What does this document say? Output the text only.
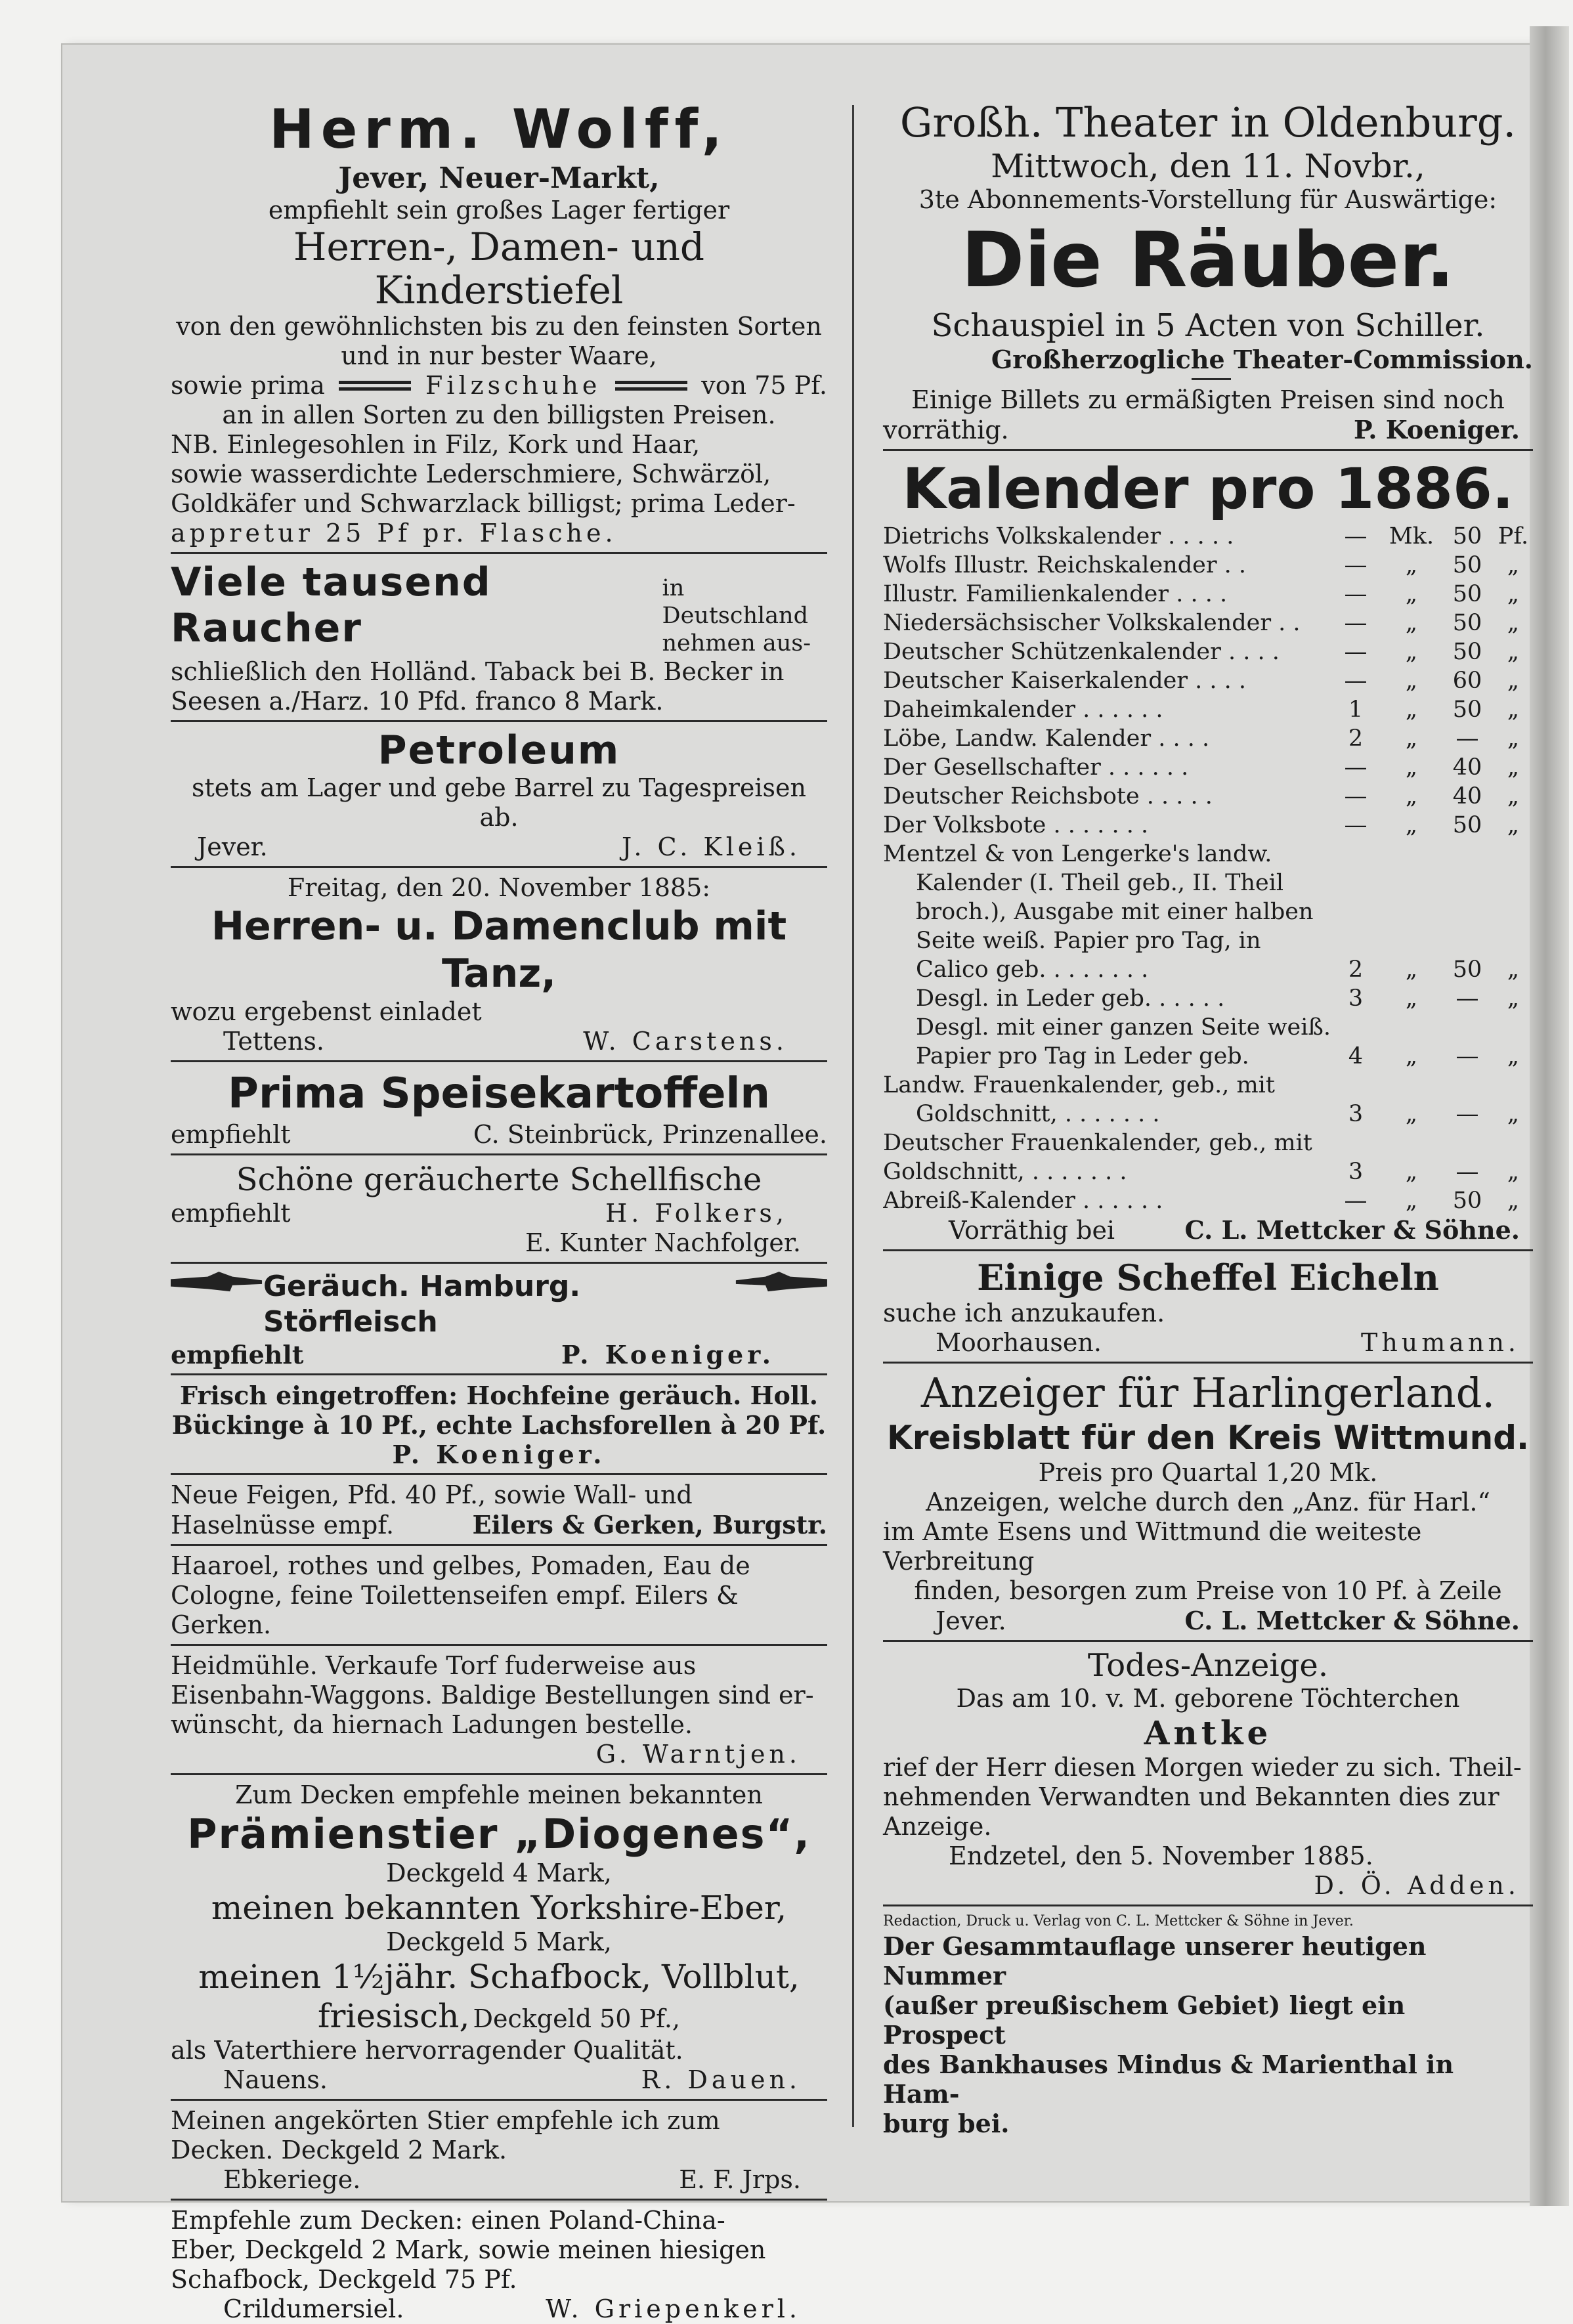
Herm. Wolff,
Jever, Neuer-Markt,
empfiehlt sein großes Lager fertiger
Herren-, Damen- und Kinderstiefel
von den gewöhnlichsten bis zu den feinsten Sorten
und in nur bester Waare,
sowie prima	Filzschuhe	von 75 Pf.
an in allen Sorten zu den billigsten Preisen.
NB. Einlegesohlen in Filz, Kork und Haar,
sowie wasserdichte Lederschmiere, Schwärzöl,
Goldkäfer und Schwarzlack billigst; prima Leder-
appretur 25 Pf pr. Flasche.
Viele tausend Raucher
in Deutschland nehmen aus-
schließlich den Holländ. Taback bei B. Becker in
Seesen a./Harz. 10 Pfd. franco 8 Mark.
Petroleum
stets am Lager und gebe Barrel zu Tagespreisen ab.
Jever.	J. C. Kleiß.
Freitag, den 20. November 1885:
Herren- u. Damenclub mit Tanz,
wozu ergebenst einladet
Tettens.	W. Carstens.
Prima Speisekartoffeln
empfiehlt	C. Steinbrück, Prinzenallee.
Schöne geräucherte Schellfische
empfiehlt	H. Folkers,
E. Kunter Nachfolger.
Geräuch. Hamburg. Störfleisch
empfiehlt	P. Koeniger.
Frisch eingetroffen: Hochfeine geräuch. Holl.
Bückinge à 10 Pf., echte Lachsforellen à 20 Pf.
P. Koeniger.
Neue Feigen, Pfd. 40 Pf., sowie Wall- und
Haselnüsse empf.	Eilers & Gerken, Burgstr.
Haaroel, rothes und gelbes, Pomaden, Eau de
Cologne, feine Toilettenseifen empf. Eilers & Gerken.
Heidmühle. Verkaufe Torf fuderweise aus
Eisenbahn-Waggons. Baldige Bestellungen sind er-
wünscht, da hiernach Ladungen bestelle.
G. Warntjen.
Zum Decken empfehle meinen bekannten
Prämienstier „Diogenes“,
Deckgeld 4 Mark,
meinen bekannten Yorkshire-Eber,
Deckgeld 5 Mark,
meinen 1½jähr. Schafbock, Vollblut,
friesisch, Deckgeld 50 Pf.,
als Vaterthiere hervorragender Qualität.
Nauens.	R. Dauen.
Meinen angekörten Stier empfehle ich zum
Decken. Deckgeld 2 Mark.
Ebkeriege.	E. F. Jrps.
Empfehle zum Decken: einen Poland-China-
Eber, Deckgeld 2 Mark, sowie meinen hiesigen
Schafbock, Deckgeld 75 Pf.
Crildumersiel.	W. Griepenkerl.
Großh. Theater in Oldenburg.
Mittwoch, den 11. Novbr.,
3te Abonnements-Vorstellung für Auswärtige:
Die Räuber.
Schauspiel in 5 Acten von Schiller.
Großherzogliche Theater-Commission.
Einige Billets zu ermäßigten Preisen sind noch
vorräthig.	P. Koeniger.
Kalender pro 1886.
Dietrichs Volkskalender . . . . .	— Mk. 50 Pf.
Wolfs Illustr. Reichskalender . .	—	„	50	„
Illustr. Familienkalender . . . .	—	„	50	„
Niedersächsischer Volkskalender . .	—	„	50	„
Deutscher Schützenkalender . . . .	—	„	50	„
Deutscher Kaiserkalender . . . .	—	„	60	„
Daheimkalender . . . . . .	1	„	50	„
Löbe, Landw. Kalender . . . .	2	„	—	„
Der Gesellschafter . . . . . .	—	„	40	„
Deutscher Reichsbote . . . . .	—	„	40	„
Der Volksbote . . . . . . .	—	„	50	„
Mentzel & von Lengerke's landw.
Kalender (I. Theil geb., II. Theil
broch.), Ausgabe mit einer halben
Seite weiß. Papier pro Tag, in
Calico geb. . . . . . . .	2	„	50	„
Desgl. in Leder geb. . . . . .	3	„	—	„
Desgl. mit einer ganzen Seite weiß.
Papier pro Tag in Leder geb.	4	„	—	„
Landw. Frauenkalender, geb., mit
Goldschnitt, . . . . . . .	3	„	—	„
Deutscher Frauenkalender, geb., mit
Goldschnitt, . . . . . . .	3	„	—	„
Abreiß-Kalender . . . . . .	—	„	50	„
Vorräthig bei	C. L. Mettcker & Söhne.
Einige Scheffel Eicheln
suche ich anzukaufen.
Moorhausen.	Thumann.
Anzeiger für Harlingerland.
Kreisblatt für den Kreis Wittmund.
Preis pro Quartal 1,20 Mk.
Anzeigen, welche durch den „Anz. für Harl.“
im Amte Esens und Wittmund die weiteste Verbreitung
finden, besorgen zum Preise von 10 Pf. à Zeile
Jever.	C. L. Mettcker & Söhne.
Todes-Anzeige.
Das am 10. v. M. geborene Töchterchen
Antke
rief der Herr diesen Morgen wieder zu sich. Theil-
nehmenden Verwandten und Bekannten dies zur
Anzeige.
Endzetel, den 5. November 1885.
D. Ö. Adden.
Redaction, Druck u. Verlag von C. L. Mettcker & Söhne in Jever.
Der Gesammtauflage unserer heutigen Nummer
(außer preußischem Gebiet) liegt ein Prospect
des Bankhauses Mindus & Marienthal in Ham-
burg bei.
